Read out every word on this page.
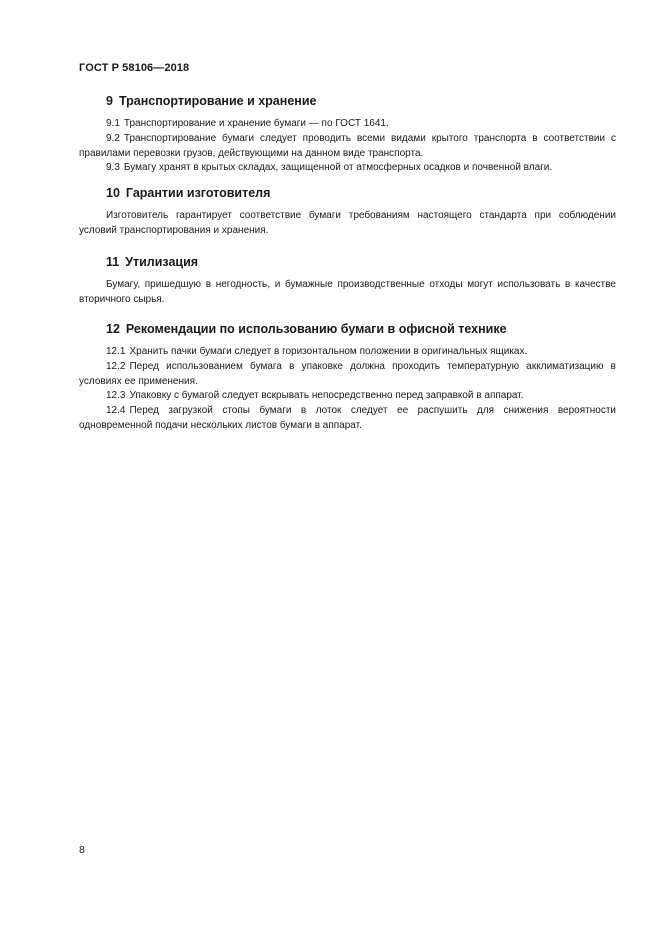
ГОСТ Р 58106—2018
9 Транспортирование и хранение

9.1 Транспортирование и хранение бумаги — по ГОСТ 1641.

9.2 Транспортирование бумаги следует проводить всеми видами крытого транспорта в соответствии с правилами перевозки грузов, действующими на данном виде транспорта.

9.3 Бумагу хранят в крытых складах, защищенной от атмосферных осадков и почвенной влаги.

10 Гарантии изготовителя

Изготовитель гарантирует соответствие бумаги требованиям настоящего стандарта при соблюдении условий транспортирования и хранения.

11 Утилизация

Бумагу, пришедшую в негодность, и бумажные производственные отходы могут использовать в качестве вторичного сырья.

12 Рекомендации по использованию бумаги в офисной технике

12.1 Хранить пачки бумаги следует в горизонтальном положении в оригинальных ящиках.

12.2 Перед использованием бумага в упаковке должна проходить температурную акклиматизацию в условиях ее применения.

12.3 Упаковку с бумагой следует вскрывать непосредственно перед заправкой в аппарат.

12.4 Перед загрузкой стопы бумаги в лоток следует ее распушить для снижения вероятности одновременной подачи нескольких листов бумаги в аппарат.

8
